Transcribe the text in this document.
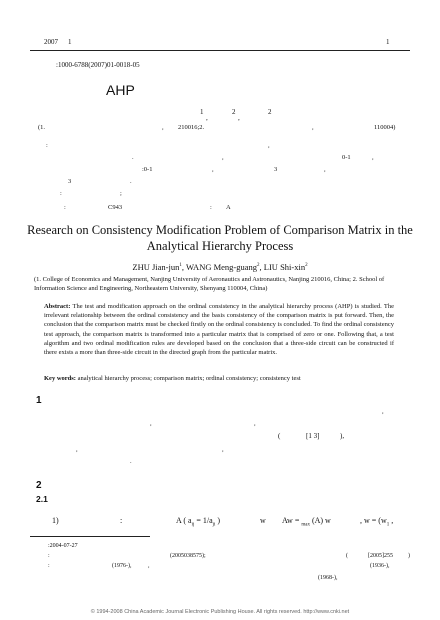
2007 1	1
:1000-6788(2007)01-0018-05
AHP
1
,
2
,
2
(1.	, 210016;2.	,	110004)
:	,
.	,	0-1	,
:0-1	,	3	,
3	.
:	;
:	C943	: A
Research on Consistency Modification Problem of Comparison Matrix in the Analytical Hierarchy Process
ZHU Jian-jun$^1$, WANG Meng-guang$^2$, LIU Shi-xin$^2$
(1. College of Economics and Management, Nanjing University of Aeronautics and Astronautics, Nanjing 210016, China; 2. School of Information Science and Engineering, Northeastern University, Shenyang 110004, China)
Abstract: The test and modification approach on the ordinal consistency in the analytical hierarchy process (AHP) is studied. The irrelevant relationship between the ordinal consistency and the basis consistency of the comparison matrix is put forward. Then, the conclusion that the comparison matrix must be checked firstly on the ordinal consistency is concluded. To find the ordinal consistency test approach, the comparison matrix is transformed into a particular matrix that is comprised of zero or one. Following that, a test algorithm and two ordinal modification rules are developed based on the conclusion that a three-side circuit can be constructed if there exists a more than three-side circuit in the directed graph from the particular matrix.
Key words: analytical hierarchy process; comparison matrix; ordinal consistency; consistency test
1
,
,	,
(	[1 3]	),
,	,
.
2
2.1
1)	:	A ( $a_{ij} = 1/a_{ji}$ )	w Aw = $_{max}$ (A) w	, $w = (w_1$ ,
:2004-07-27
:	(2005038575);	(	[2005]255	)
:	(1976-),	,	(1936-),
(1968-),
© 1994-2008 China Academic Journal Electronic Publishing House. All rights reserved. http://www.cnki.net
